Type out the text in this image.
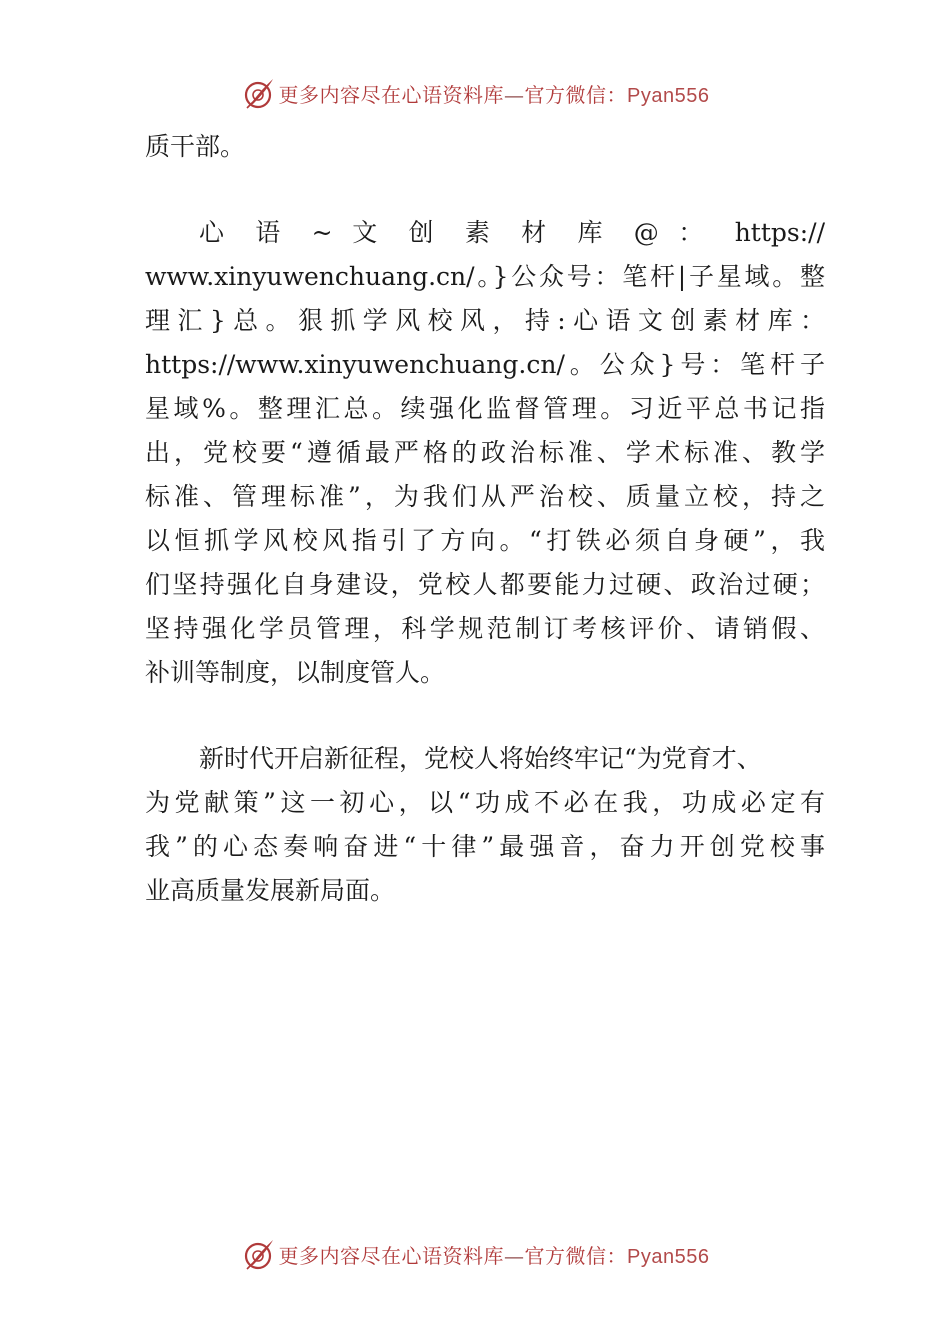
更多内容尽在心语资料库—官方微信：Pyan556
质干部。
心 语 ~ 文 创 素 材 库 @ ： https://
www.xinyuwenchuang.cn/。}公众号：笔杆|子星域。整
理汇}总。狠抓学风校风，持:心语文创素材库：
https://www.xinyuwenchuang.cn/。公众}号：笔杆子
星域%。整理汇总。续强化监督管理。习近平总书记指
出，党校要“遵循最严格的政治标准、学术标准、教学
标准、管理标准”，为我们从严治校、质量立校，持之
以恒抓学风校风指引了方向。“打铁必须自身硬”，我
们坚持强化自身建设，党校人都要能力过硬、政治过硬；
坚持强化学员管理，科学规范制订考核评价、请销假、
补训等制度，以制度管人。
新时代开启新征程，党校人将始终牢记“为党育才、
为党献策”这一初心，以“功成不必在我，功成必定有
我”的心态奏响奋进“十律”最强音，奋力开创党校事
业高质量发展新局面。
更多内容尽在心语资料库—官方微信：Pyan556
